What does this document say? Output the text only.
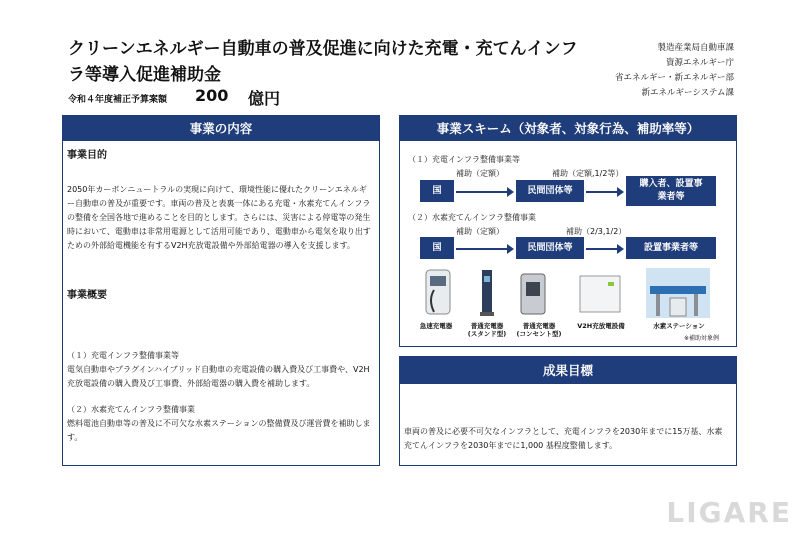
クリーンエネルギー自動車の普及促進に向けた充電・充てんインフラ等導入促進補助金
令和４年度補正予算案額 200 億円
製造産業局自動車課
資源エネルギー庁
省エネルギー・新エネルギー部
新エネルギーシステム課
事業の内容
事業目的
2050年カーボンニュートラルの実現に向けて、環境性能に優れたクリーンエネルギー自動車の普及が重要です。車両の普及と表裏一体にある充電・水素充てんインフラの整備を全国各地で進めることを目的とします。さらには、災害による停電等の発生時において、電動車は非常用電源として活用可能であり、電動車から電気を取り出すための外部給電機能を有するV2H充放電設備や外部給電器の導入を支援します。
事業概要
（１）充電インフラ整備事業等
電気自動車やプラグインハイブリッド自動車の充電設備の購入費及び工事費や、V2H充放電設備の購入費及び工事費、外部給電器の購入費を補助します。
（２）水素充てんインフラ整備事業
燃料電池自動車等の普及に不可欠な水素ステーションの整備費及び運営費を補助します。
事業スキーム（対象者、対象行為、補助率等）
（１）充電インフラ整備事業等
補助（定額）	補助（定額,1/2等）
国	民間団体等
購入者、設置事業者等
（２）水素充てんインフラ整備事業
補助（定額）	補助（2/3,1/2）
国	民間団体等	設置事業者等
急速充電器	普通充電器
(スタンド型)
普通充電器
(コンセント型)
V2H充放電設備	水素ステーション
※補助対象例
成果目標
車両の普及に必要不可欠なインフラとして、充電インフラを2030年までに15万基、水素充てんインフラを2030年までに1,000 基程度整備します。
LIGARE
